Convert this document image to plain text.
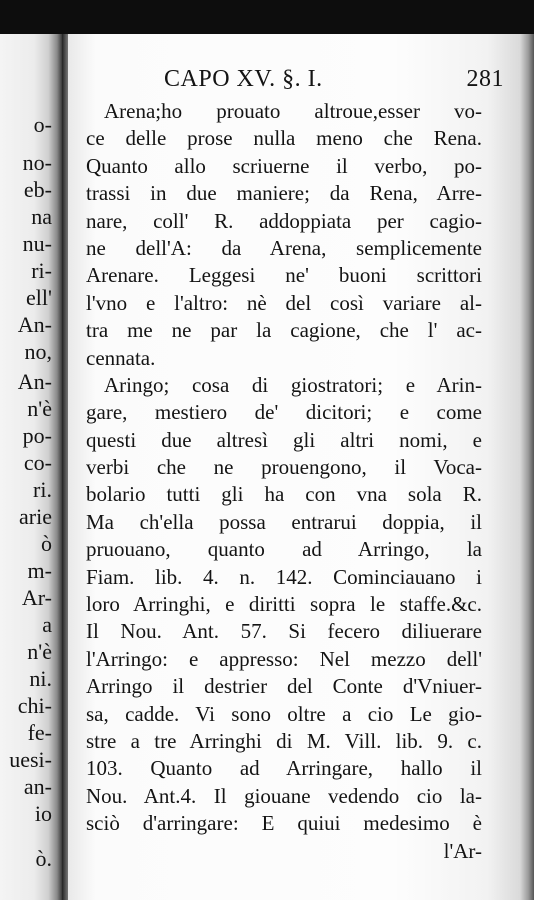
o-
no-
eb-
na
nu-
ri-
ell'
An-
no,
An-
n'è
po-
co-
ri.
arie
ò
m-
Ar-
a
n'è
ni.
chi-
fe-
uesi-
an-
io
ò.
CAPO XV. §. I.	281
Arena;ho prouato altroue,esser vo-
ce delle prose nulla meno che Rena.
Quanto allo scriuerne il verbo, po-
trassi in due maniere; da Rena, Arre-
nare, coll' R. addoppiata per cagio-
ne dell'A: da Arena, semplicemente
Arenare. Leggesi ne' buoni scrittori
l'vno e l'altro: nè del così variare al-
tra me ne par la cagione, che l' ac-
cennata.
Aringo; cosa di giostratori; e Arin-
gare, mestiero de' dicitori; e come
questi due altresì gli altri nomi, e
verbi che ne prouengono, il Voca-
bolario tutti gli ha con vna sola R.
Ma ch'ella possa entrarui doppia, il
pruouano, quanto ad Arringo, la
Fiam. lib. 4. n. 142. Cominciauano i
loro Arringhi, e diritti sopra le staffe.&c.
Il Nou. Ant. 57. Si fecero diliuerare
l'Arringo: e appresso: Nel mezzo dell'
Arringo il destrier del Conte d'Vniuer-
sa, cadde. Vi sono oltre a cio Le gio-
stre a tre Arringhi di M. Vill. lib. 9. c.
103. Quanto ad Arringare, hallo il
Nou. Ant.4. Il giouane vedendo cio la-
sciò d'arringare: E quiui medesimo è
l'Ar-
